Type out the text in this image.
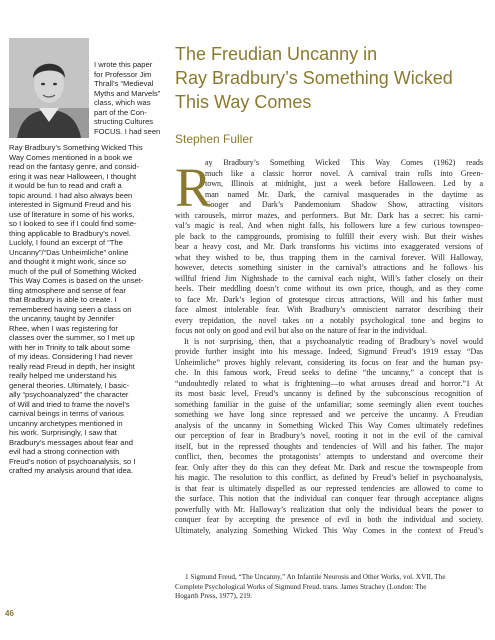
I wrote this paper
for Professor Jim
Thrall’s “Medieval
Myths and Marvels”
class, which was
part of the Con-
structing Cultures
FOCUS. I had seen
Ray Bradbury’s Something Wicked This
Way Comes mentioned in a book we
read on the fantasy genre, and consid-
ering it was near Halloween, I thought
it would be fun to read and craft a
topic around. I had also always been
interested in Sigmund Freud and his
use of literature in some of his works,
so I looked to see if I could find some-
thing applicable to Bradbury’s novel.
Luckily, I found an excerpt of “The
Uncanny”/“Das Unheimliche” online
and thought it might work, since so
much of the pull of Something Wicked
This Way Comes is based on the unset-
tling atmosphere and sense of fear
that Bradbury is able to create. I
remembered having seen a class on
the uncanny, taught by Jennifer
Rhee, when I was registering for
classes over the summer, so I met up
with her in Trinity to talk about some
of my ideas. Considering I had never
really read Freud in depth, her insight
really helped me understand his
general theories. Ultimately, I basic-
ally “psychoanalyzed” the character
of Will and tried to frame the novel’s
carnival beings in terms of various
uncanny archetypes mentioned in
his work. Surprisingly, I saw that
Bradbury’s messages about fear and
evil had a strong connection with
Freud’s notion of psychoanalysis, so I
crafted my analysis around that idea.
The Freudian Uncanny in
Ray Bradbury’s Something Wicked
This Way Comes
Stephen Fuller
R
ay Bradbury’s Something Wicked This Way Comes (1962) reads
much like a classic horror novel. A carnival train rolls into Green-
town, Illinois at midnight, just a week before Halloween. Led by a
man named Mr. Dark, the carnival masquerades in the daytime as
Cooger and Dark’s Pandemonium Shadow Show, attracting visitors
with carousels, mirror mazes, and performers. But Mr. Dark has a secret: his carni-
val’s magic is real. And when night falls, his followers lure a few curious townspeo-
ple back to the campgrounds, promising to fulfill their every wish. But their wishes
bear a heavy cost, and Mr. Dark transforms his victims into exaggerated versions of
what they wished to be, thus trapping them in the carnival forever. Will Halloway,
however, detects something sinister in the carnival’s attractions and he follows his
willful friend Jim Nightshade to the carnival each night, Will’s father closely on their
heels. Their meddling doesn’t come without its own price, though, and as they come
to face Mr. Dark’s legion of grotesque circus attractions, Will and his father must
face almost intolerable fear. With Bradbury’s omniscient narrator describing their
every trepidation, the novel takes on a notably psychological tone and begins to
focus not only on good and evil but also on the nature of fear in the individual.
It is not surprising, then, that a psychoanalytic reading of Bradbury’s novel would
provide further insight into his message. Indeed, Sigmund Freud’s 1919 essay “Das
Unheimliche” proves highly relevant, considering its focus on fear and the human psy-
che. In this famous work, Freud seeks to define “the uncanny,” a concept that is
“undoubtedly related to what is frightening—to what arouses dread and horror.”1 At
its most basic level, Freud’s uncanny is defined by the subconscious recognition of
something familiar in the guise of the unfamiliar; some seemingly alien event touches
something we have long since repressed and we perceive the uncanny. A Freudian
analysis of the uncanny in Something Wicked This Way Comes ultimately redefines
our perception of fear in Bradbury’s novel, rooting it not in the evil of the carnival
itself, but in the repressed thoughts and tendencies of Will and his father. The major
conflict, then, becomes the protagonists’ attempts to understand and overcome their
fear. Only after they do this can they defeat Mr. Dark and rescue the townspeople from
his magic. The resolution to this conflict, as defined by Freud’s belief in psychoanalysis,
is that fear is ultimately dispelled as our repressed tendencies are allowed to come to
the surface. This notion that the individual can conquer fear through acceptance aligns
powerfully with Mr. Halloway’s realization that only the individual bears the power to
conquer fear by accepting the presence of evil in both the individual and society.
Ultimately, analyzing Something Wicked This Way Comes in the context of Freud’s
1 Sigmund Freud, “The Uncanny,” An Infantile Neurosis and Other Works, vol. XVII, The
Complete Psychological Works of Sigmund Freud. trans. James Strachey (London: The
Hogarth Press, 1977), 219.
46
